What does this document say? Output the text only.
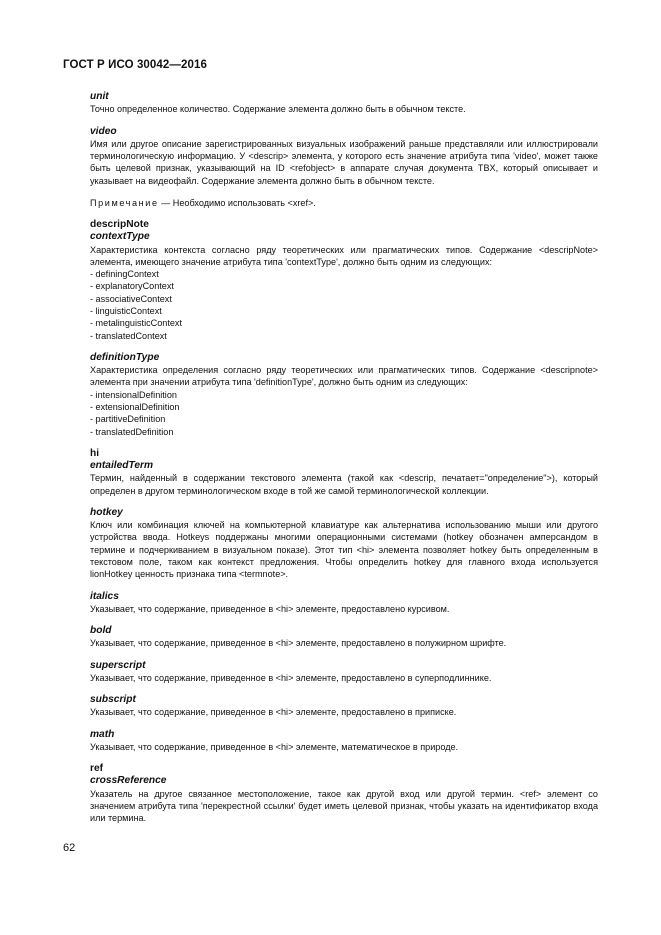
ГОСТ Р ИСО 30042—2016

unit

Точно определенное количество. Содержание элемента должно быть в обычном тексте.

video

Имя или другое описание зарегистрированных визуальных изображений раньше представляли или иллюстрировали терминологическую информацию. У <descrip> элемента, у которого есть значение атрибута типа 'video', может также быть целевой признак, указывающий на ID <refobject> в аппарате случая документа TBX, который описывает и указывает на видеофайл. Содержание элемента должно быть в обычном тексте.

Примечание — Необходимо использовать <xref>.

descripNote

contextType

Характеристика контекста согласно ряду теоретических или прагматических типов. Содержание <descripNote> элемента, имеющего значение атрибута типа 'contextType', должно быть одним из следующих:

- definingContext
- explanatoryContext
- associativeContext
- linguisticContext
- metalinguisticContext
- translatedContext

definitionType

Характеристика определения согласно ряду теоретических или прагматических типов. Содержание <descripnote> элемента при значении атрибута типа 'definitionType', должно быть одним из следующих:

- intensionalDefinition
- extensionalDefinition
- partitiveDefinition
- translatedDefinition

hi

entailedTerm

Термин, найденный в содержании текстового элемента (такой как <descrip, печатает="определение">), который определен в другом терминологическом входе в той же самой терминологической коллекции.

hotkey

Ключ или комбинация ключей на компьютерной клавиатуре как альтернатива использованию мыши или другого устройства ввода. Hotkeys поддержаны многими операционными системами (hotkey обозначен амперсандом в термине и подчеркиванием в визуальном показе). Этот тип <hi> элемента позволяет hotkey быть определенным в текстовом поле, таком как контекст предложения. Чтобы определить hotkey для главного входа используется lionHotkey ценность признака типа <termnote>.

italics

Указывает, что содержание, приведенное в <hi> элементе, предоставлено курсивом.

bold

Указывает, что содержание, приведенное в <hi> элементе, предоставлено в полужирном шрифте.

superscript

Указывает, что содержание, приведенное в <hi> элементе, предоставлено в суперподлиннике.

subscript

Указывает, что содержание, приведенное в <hi> элементе, предоставлено в приписке.

math

Указывает, что содержание, приведенное в <hi> элементе, математическое в природе.

ref

crossReference

Указатель на другое связанное местоположение, такое как другой вход или другой термин. <ref> элемент со значением атрибута типа 'перекрестной ссылки' будет иметь целевой признак, чтобы указать на идентификатор входа или термина.

62
